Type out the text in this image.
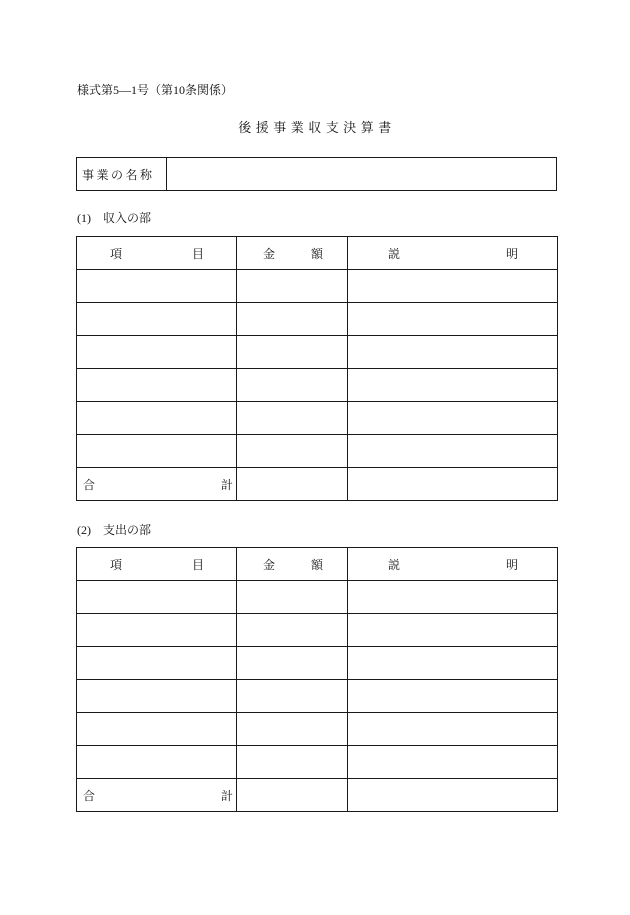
様式第5—1号（第10条関係）
後援事業収支決算書
事業の名称	
(1)　収入の部
項目	金額	説明

合計		
(2)　支出の部
項目	金額	説明

合計		
